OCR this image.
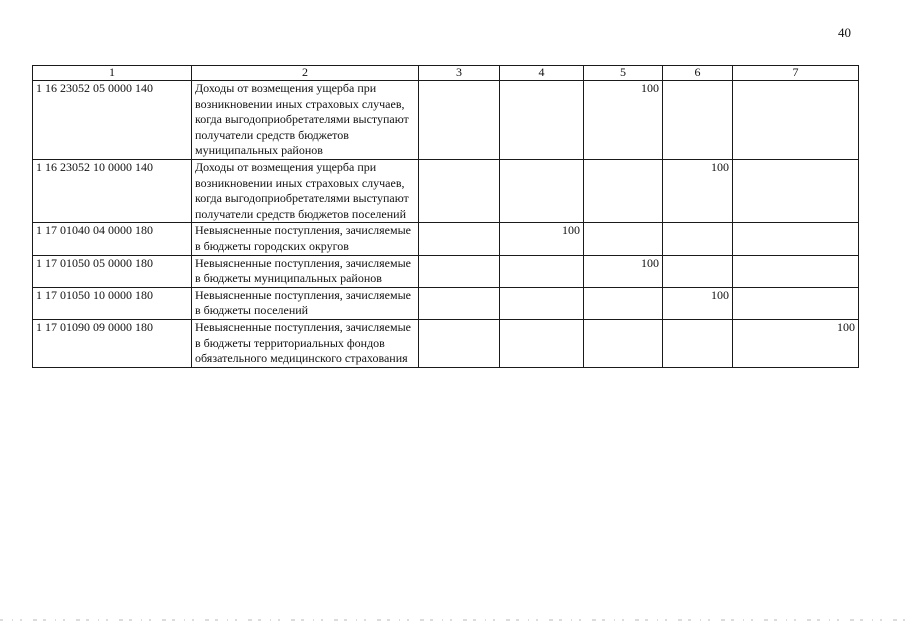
40
1	2	3	4	5	6	7
1 16 23052 05 0000 140	Доходы от возмещения ущерба при возникновении иных страховых случаев, когда выгодоприобретателями выступают получатели средств бюджетов муниципальных районов			100		
1 16 23052 10 0000 140	Доходы от возмещения ущерба при возникновении иных страховых случаев, когда выгодоприобретателями выступают получатели средств бюджетов поселений				100	
1 17 01040 04 0000 180	Невыясненные поступления, зачисляемые в бюджеты городских округов		100			
1 17 01050 05 0000 180	Невыясненные поступления, зачисляемые в бюджеты муниципальных районов			100		
1 17 01050 10 0000 180	Невыясненные поступления, зачисляемые в бюджеты поселений				100	
1 17 01090 09 0000 180	Невыясненные поступления, зачисляемые в бюджеты территориальных фондов обязательного медицинского страхования					100
